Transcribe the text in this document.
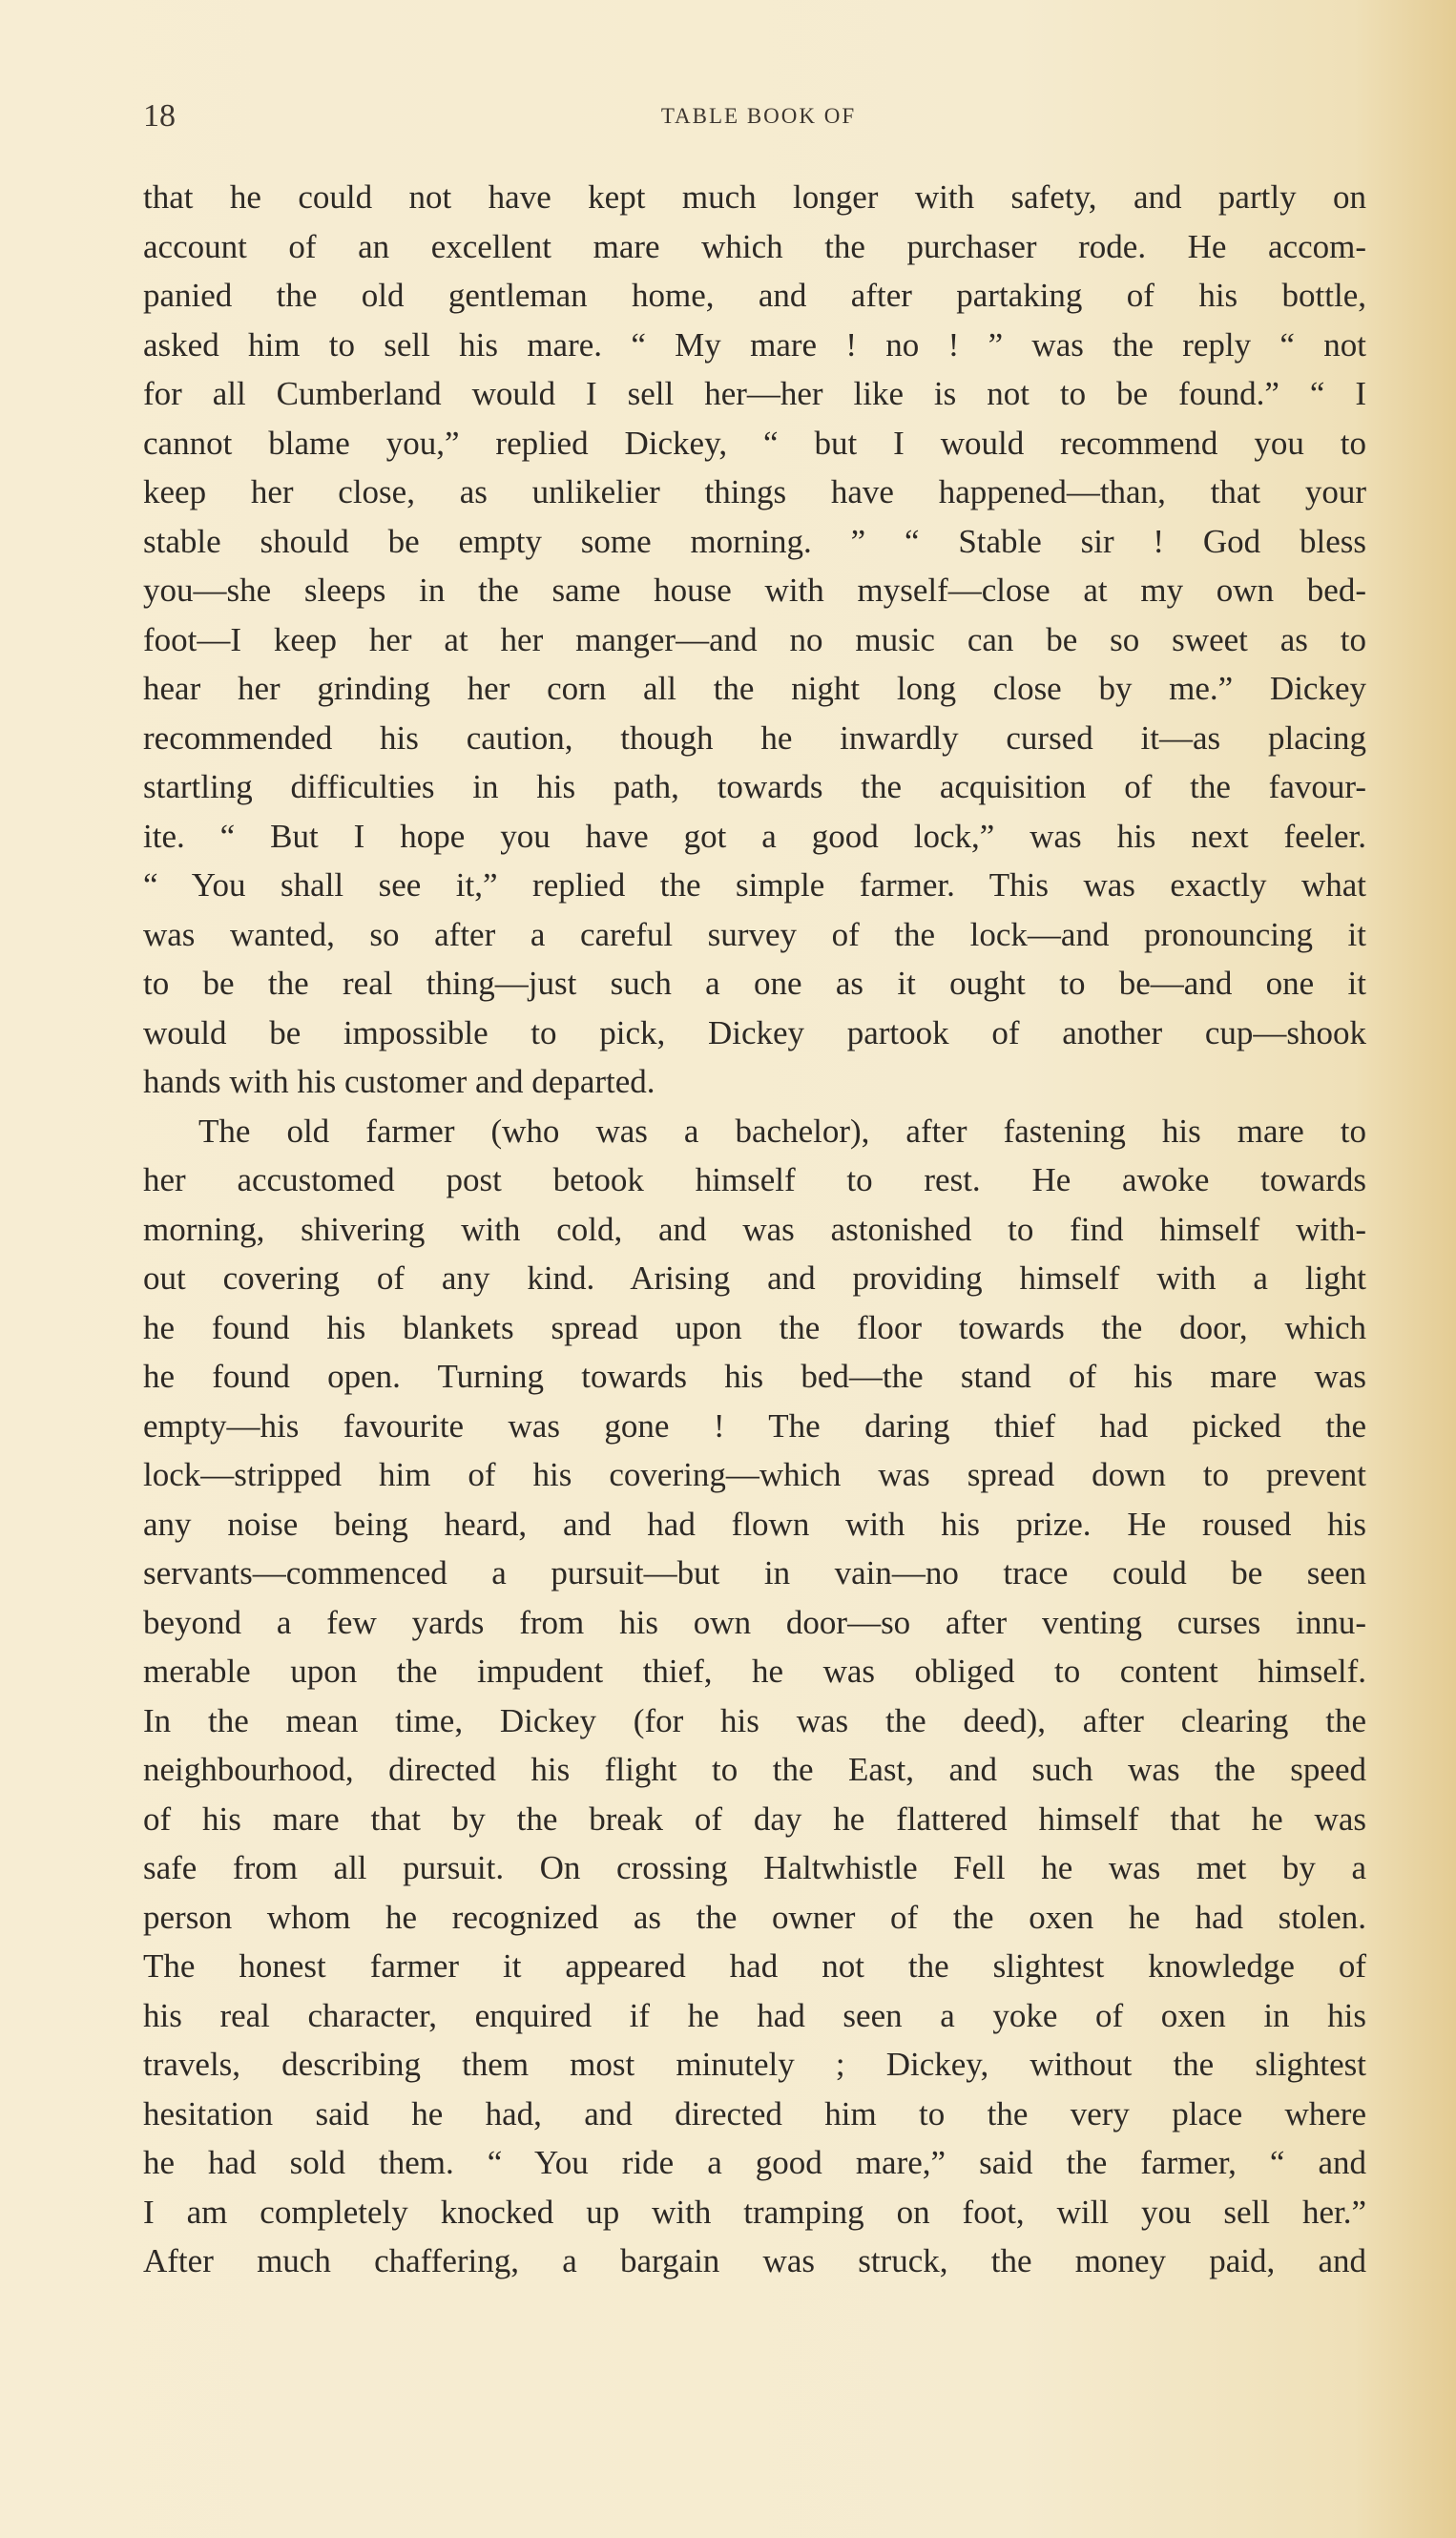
18	TABLE BOOK OF
that he could not have kept much longer with safety, and partly on
account of an excellent mare which the purchaser rode. He accom-
panied the old gentleman home, and after partaking of his bottle,
asked him to sell his mare. “ My mare ! no ! ” was the reply “ not
for all Cumberland would I sell her—her like is not to be found.” “ I
cannot blame you,” replied Dickey, “ but I would recommend you to
keep her close, as unlikelier things have happened—than, that your
stable should be empty some morning. ” “ Stable sir ! God bless
you—she sleeps in the same house with myself—close at my own bed-
foot—I keep her at her manger—and no music can be so sweet as to
hear her grinding her corn all the night long close by me.” Dickey
recommended his caution, though he inwardly cursed it—as placing
startling difficulties in his path, towards the acquisition of the favour-
ite. “ But I hope you have got a good lock,” was his next feeler.
“ You shall see it,” replied the simple farmer. This was exactly what
was wanted, so after a careful survey of the lock—and pronouncing it
to be the real thing—just such a one as it ought to be—and one it
would be impossible to pick, Dickey partook of another cup—shook
hands with his customer and departed.
The old farmer (who was a bachelor), after fastening his mare to
her accustomed post betook himself to rest. He awoke towards
morning, shivering with cold, and was astonished to find himself with-
out covering of any kind. Arising and providing himself with a light
he found his blankets spread upon the floor towards the door, which
he found open. Turning towards his bed—the stand of his mare was
empty—his favourite was gone ! The daring thief had picked the
lock—stripped him of his covering—which was spread down to prevent
any noise being heard, and had flown with his prize. He roused his
servants—commenced a pursuit—but in vain—no trace could be seen
beyond a few yards from his own door—so after venting curses innu-
merable upon the impudent thief, he was obliged to content himself.
In the mean time, Dickey (for his was the deed), after clearing the
neighbourhood, directed his flight to the East, and such was the speed
of his mare that by the break of day he flattered himself that he was
safe from all pursuit. On crossing Haltwhistle Fell he was met by a
person whom he recognized as the owner of the oxen he had stolen.
The honest farmer it appeared had not the slightest knowledge of
his real character, enquired if he had seen a yoke of oxen in his
travels, describing them most minutely ; Dickey, without the slightest
hesitation said he had, and directed him to the very place where
he had sold them. “ You ride a good mare,” said the farmer, “ and
I am completely knocked up with tramping on foot, will you sell her.”
After much chaffering, a bargain was struck, the money paid, and
